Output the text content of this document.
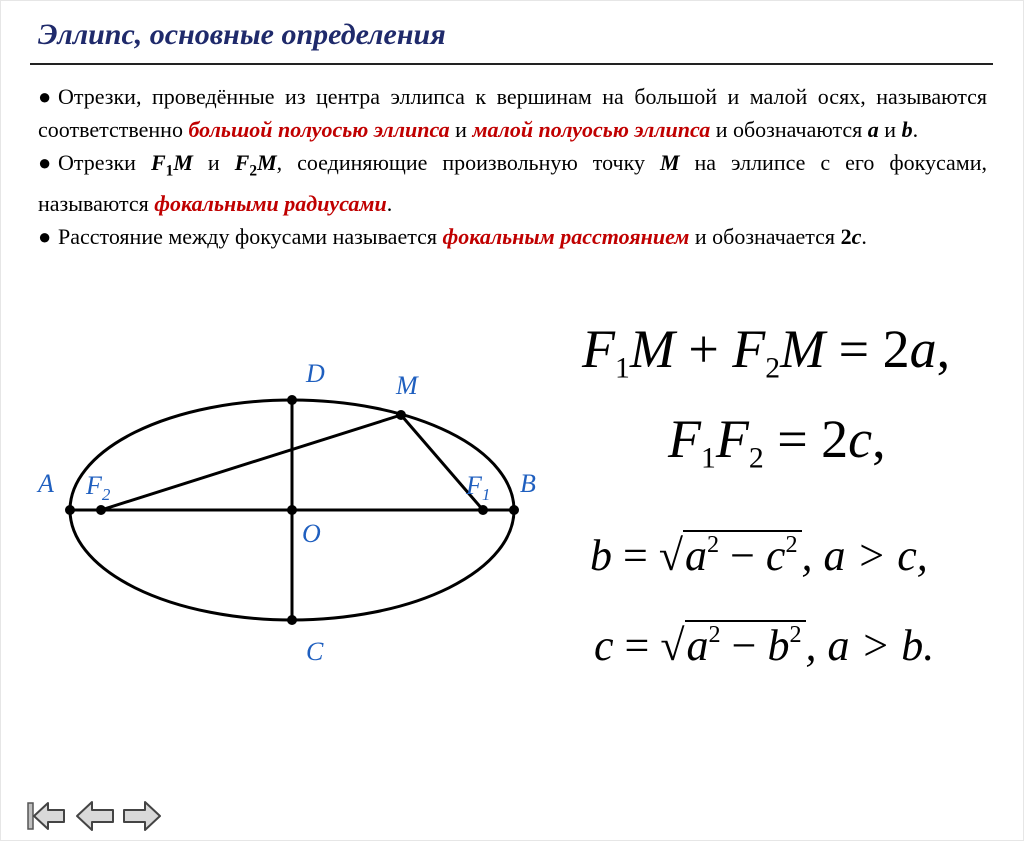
Эллипс, основные определения

● Отрезки, проведённые из центра эллипса к вершинам на большой и малой осях, называются соответственно большой полуосью эллипса и малой полуосью эллипса и обозначаются a и b.

● Отрезки $F_1M$ и $F_2M$, соединяющие произвольную точку M на эллипсе с его фокусами, называются фокальными радиусами.

● Расстояние между фокусами называется фокальным расстоянием и обозначается 2c.

A	B
D
C
M
O
$F_2$	$F_1$
$F_1M + F_2M = 2a$,
$F_1F_2 = 2c$,
$b = √a^2 - c^2$, a > c,
$c = √a^2 - b^2$, a > b.
